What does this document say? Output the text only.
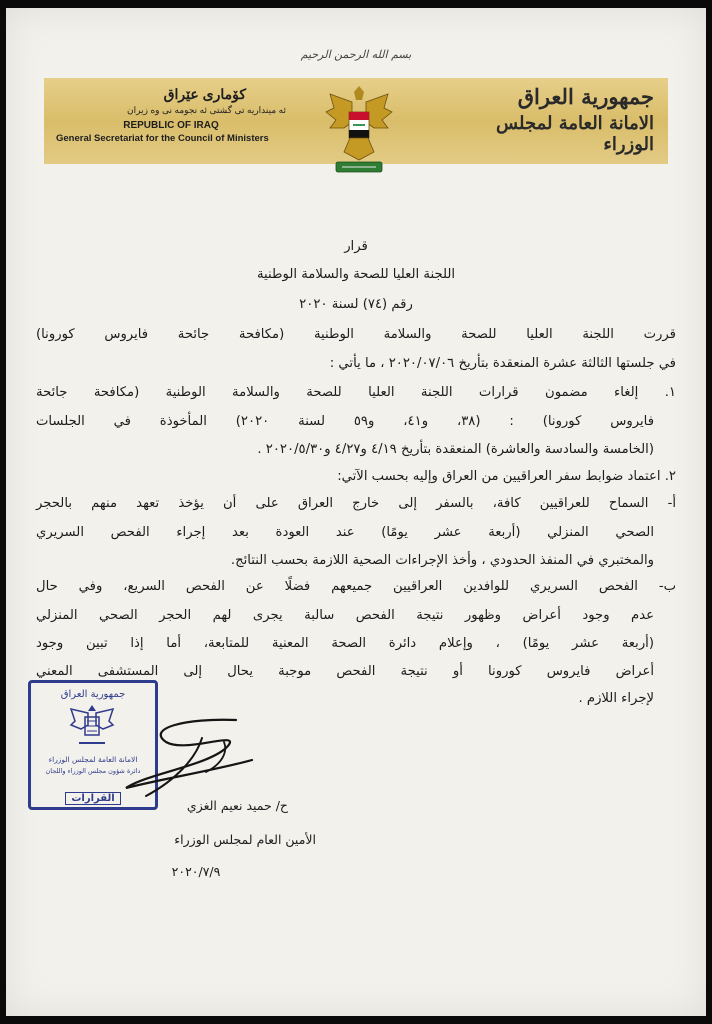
بسم الله الرحمن الرحيم
كۆماری عێراق
ئه مينداريه تى گشتى ئه نجومه نى وه زيران
REPUBLIC OF IRAQ
General Secretariat for the Council of Ministers
جمهورية العراق
الامانة العامة لمجلس الوزراء
قرار
اللجنة العليا للصحة والسلامة الوطنية
رقم (٧٤) لسنة ٢٠٢٠
قررت اللجنة العليا للصحة والسلامة الوطنية (مكافحة جائحة فايروس كورونا)
في جلستها الثالثة عشرة المنعقدة بتأريخ ٢٠٢٠/٠٧/٠٦ ، ما يأتي :
١. إلغاء مضمون قرارات اللجنة العليا للصحة والسلامة الوطنية (مكافحة جائحة
فايروس كورونا) : (٣٨، و٤١، و٥٩ لسنة ٢٠٢٠) المأخوذة في الجلسات
(الخامسة والسادسة والعاشرة) المنعقدة بتأريخ ٤/١٩ و٤/٢٧ و٢٠٢٠/٥/٣٠ .
٢. اعتماد ضوابط سفر العراقيين من العراق وإليه بحسب الآتي:
أ- السماح للعراقيين كافة، بالسفر إلى خارج العراق على أن يؤخذ تعهد منهم بالحجر
الصحي المنزلي (أربعة عشر يومًا) عند العودة بعد إجراء الفحص السريري
والمختبري في المنفذ الحدودي ، وأخذ الإجراءات الصحية اللازمة بحسب النتائج.
ب- الفحص السريري للوافدين العراقيين جميعهم فضلًا عن الفحص السريع، وفي حال
عدم وجود أعراض وظهور نتيجة الفحص سالبة يجرى لهم الحجر الصحي المنزلي
(أربعة عشر يومًا) ، وإعلام دائرة الصحة المعنية للمتابعة، أما إذا تبين وجود
أعراض فايروس كورونا أو نتيجة الفحص موجبة يحال إلى المستشفى المعني
لإجراء اللازم .
جمهورية العراق
الامانة العامة لمجلس الوزراء
دائرة شؤون مجلس الوزراء واللجان
القرارات	ح/ حميد نعيم الغزي
الأمين العام لمجلس الوزراء
٢٠٢٠/٧/٩
